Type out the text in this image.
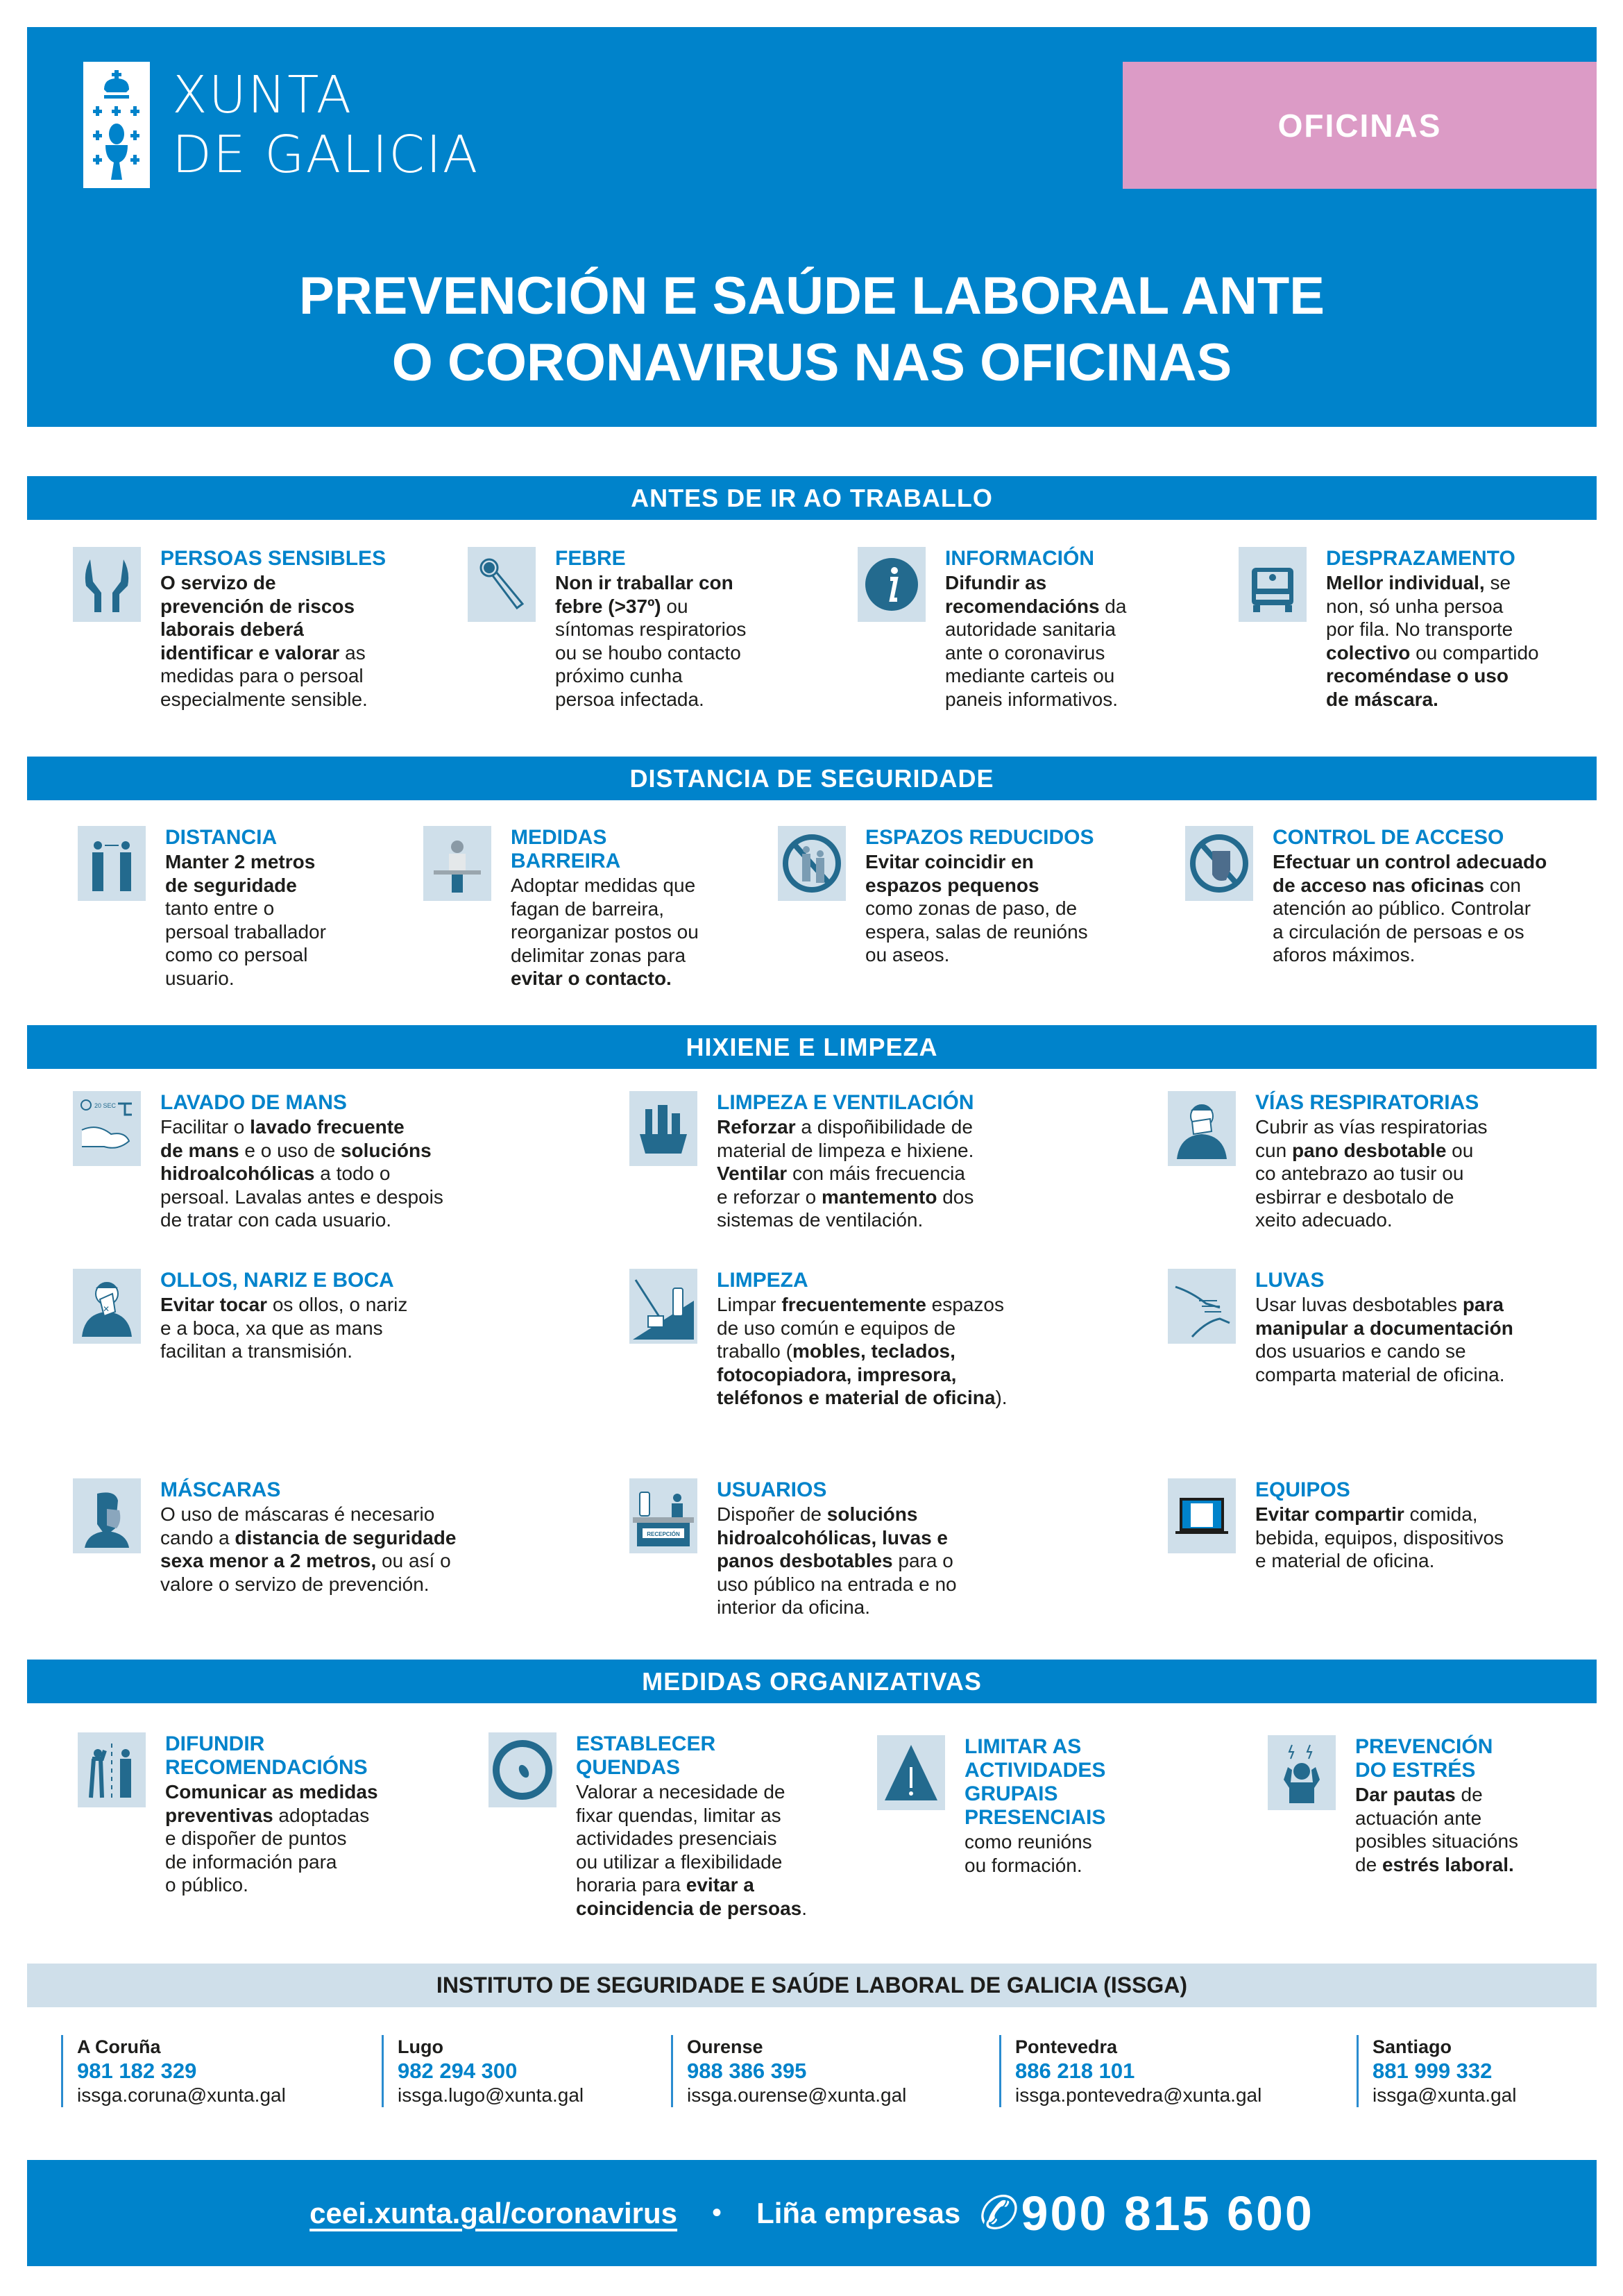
XUNTA
DE GALICIA	OFICINAS
PREVENCIÓN E SAÚDE LABORAL ANTE
O CORONAVIRUS NAS OFICINAS
ANTES DE IR AO TRABALLO
DISTANCIA DE SEGURIDADE
HIXIENE E LIMPEZA
MEDIDAS ORGANIZATIVAS
PERSOAS SENSIBLES
O servizo de
prevención de riscos
laborais deberá
identificar e valorar as
medidas para o persoal
especialmente sensible.
FEBRE
Non ir traballar con
febre (>37º) ou
síntomas respiratorios
ou se houbo contacto
próximo cunha
persoa infectada.
INFORMACIÓN
Difundir as
recomendacións da
autoridade sanitaria
ante o coronavirus
mediante carteis ou
paneis informativos.
DESPRAZAMENTO
Mellor individual, se
non, só unha persoa
por fila. No transporte
colectivo ou compartido
recoméndase o uso
de máscara.
DISTANCIA
Manter 2 metros
de seguridade
tanto entre o
persoal traballador
como co persoal
usuario.
MEDIDAS
BARREIRA
Adoptar medidas que
fagan de barreira,
reorganizar postos ou
delimitar zonas para
evitar o contacto.
ESPAZOS REDUCIDOS
Evitar coincidir en
espazos pequenos
como zonas de paso, de
espera, salas de reunións
ou aseos.
CONTROL DE ACCESO
Efectuar un control adecuado
de acceso nas oficinas con
atención ao público. Controlar
a circulación de persoas e os
aforos máximos.
20 SEC LAVADO DE MANS
Facilitar o lavado frecuente
de mans e o uso de solucións
hidroalcohólicas a todo o
persoal. Lavalas antes e despois
de tratar con cada usuario.
LIMPEZA E VENTILACIÓN
Reforzar a dispoñibilidade de
material de limpeza e hixiene.
Ventilar con máis frecuencia
e reforzar o mantemento dos
sistemas de ventilación.
VÍAS RESPIRATORIAS
Cubrir as vías respiratorias
cun pano desbotable ou
co antebrazo ao tusir ou
esbirrar e desbotalo de
xeito adecuado.
✕
OLLOS, NARIZ E BOCA
Evitar tocar os ollos, o nariz
e a boca, xa que as mans
facilitan a transmisión.
LIMPEZA
Limpar frecuentemente espazos
de uso común e equipos de
traballo (mobles, teclados,
fotocopiadora, impresora,
teléfonos e material de oficina).
LUVAS
Usar luvas desbotables para
manipular a documentación
dos usuarios e cando se
comparta material de oficina.
MÁSCARAS
O uso de máscaras é necesario
cando a distancia de seguridade
sexa menor a 2 metros, ou así o
valore o servizo de prevención.
RECEPCIÓN
USUARIOS
Dispoñer de solucións
hidroalcohólicas, luvas e
panos desbotables para o
uso público na entrada e no
interior da oficina.
EQUIPOS
Evitar compartir comida,
bebida, equipos, dispositivos
e material de oficina.
DIFUNDIR
RECOMENDACIÓNS
Comunicar as medidas
preventivas adoptadas
e dispoñer de puntos
de información para
o público.
ESTABLECER
QUENDAS
Valorar a necesidade de
fixar quendas, limitar as
actividades presenciais
ou utilizar a flexibilidade
horaria para evitar a
coincidencia de persoas.
LIMITAR AS
ACTIVIDADES
GRUPAIS
PRESENCIAIS
como reunións
ou formación.
PREVENCIÓN
DO ESTRÉS
Dar pautas de
actuación ante
posibles situacións
de estrés laboral.
INSTITUTO DE SEGURIDADE E SAÚDE LABORAL DE GALICIA (ISSGA)
A Coruña
981 182 329
issga.coruna@xunta.gal
Lugo
982 294 300
issga.lugo@xunta.gal
Ourense
988 386 395
issga.ourense@xunta.gal
Pontevedra
886 218 101
issga.pontevedra@xunta.gal
Santiago
881 999 332
issga@xunta.gal
ceei.xunta.gal/coronavirus • Liña empresas ✆ 900 815 600
